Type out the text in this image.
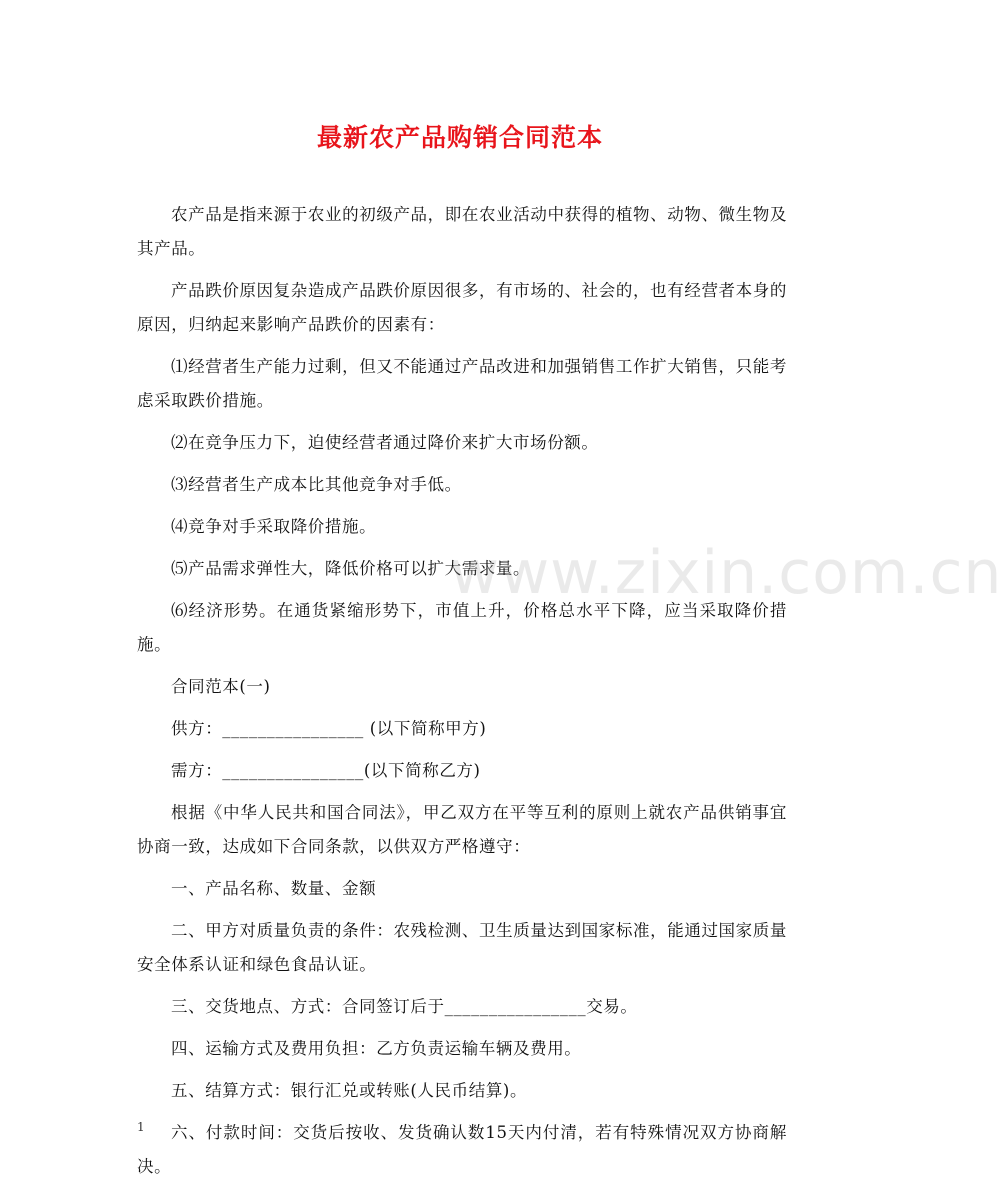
最新农产品购销合同范本

农产品是指来源于农业的初级产品，即在农业活动中获得的植物、动物、微生物及其产品。

产品跌价原因复杂造成产品跌价原因很多，有市场的、社会的，也有经营者本身的原因，归纳起来影响产品跌价的因素有：

⑴经营者生产能力过剩，但又不能通过产品改进和加强销售工作扩大销售，只能考虑采取跌价措施。

⑵在竞争压力下，迫使经营者通过降价来扩大市场份额。

⑶经营者生产成本比其他竞争对手低。

⑷竞争对手采取降价措施。

⑸产品需求弹性大，降低价格可以扩大需求量。

⑹经济形势。在通货紧缩形势下，市值上升，价格总水平下降，应当采取降价措施。

合同范本(一)

供方：________________ (以下简称甲方)

需方：________________(以下简称乙方)

根据《中华人民共和国合同法》，甲乙双方在平等互利的原则上就农产品供销事宜协商一致，达成如下合同条款，以供双方严格遵守：

一、产品名称、数量、金额

二、甲方对质量负责的条件：农残检测、卫生质量达到国家标准，能通过国家质量安全体系认证和绿色食品认证。

三、交货地点、方式：合同签订后于________________交易。

四、运输方式及费用负担：乙方负责运输车辆及费用。

五、结算方式：银行汇兑或转账(人民币结算)。

六、付款时间：交货后按收、发货确认数15天内付清，若有特殊情况双方协商解决。

www.zixin.com.cn
1
